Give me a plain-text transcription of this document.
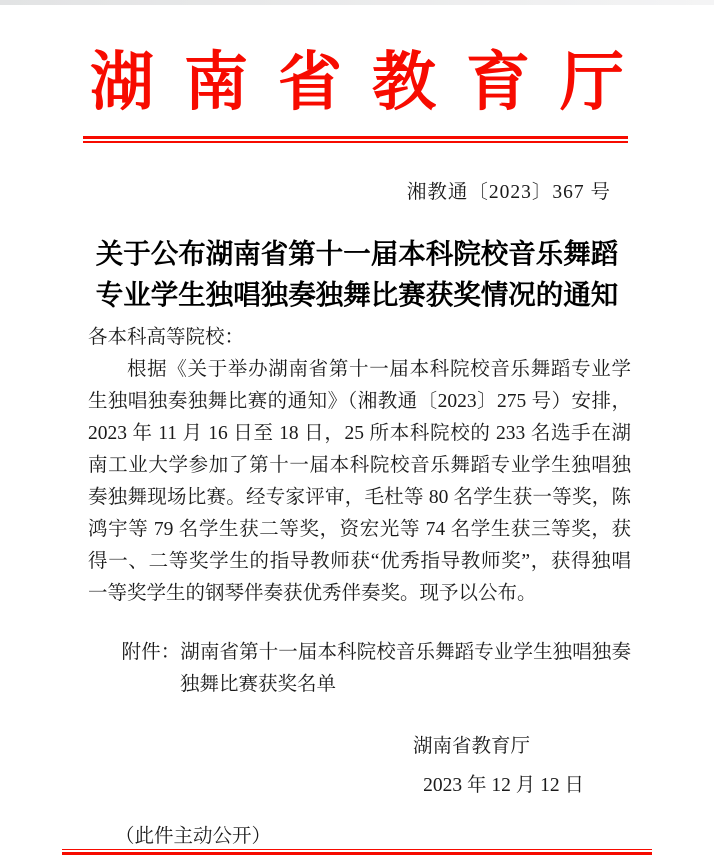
湖南省教育厅
湘教通〔2023〕367 号
关于公布湖南省第十一届本科院校音乐舞蹈
专业学生独唱独奏独舞比赛获奖情况的通知

各本科高等院校：

根据《关于举办湖南省第十一届本科院校音乐舞蹈专业学生独唱独奏独舞比赛的通知》（湘教通〔2023〕275 号）安排，2023 年 11 月 16 日至 18 日，25 所本科院校的 233 名选手在湖南工业大学参加了第十一届本科院校音乐舞蹈专业学生独唱独奏独舞现场比赛。经专家评审，毛杜等 80 名学生获一等奖，陈鸿宇等 79 名学生获二等奖，资宏光等 74 名学生获三等奖，获得一、二等奖学生的指导教师获“优秀指导教师奖”，获得独唱一等奖学生的钢琴伴奏获优秀伴奏奖。现予以公布。

附件：湖南省第十一届本科院校音乐舞蹈专业学生独唱独奏独舞比赛获奖名单

湖南省教育厅
2023 年 12 月 12 日
（此件主动公开）
